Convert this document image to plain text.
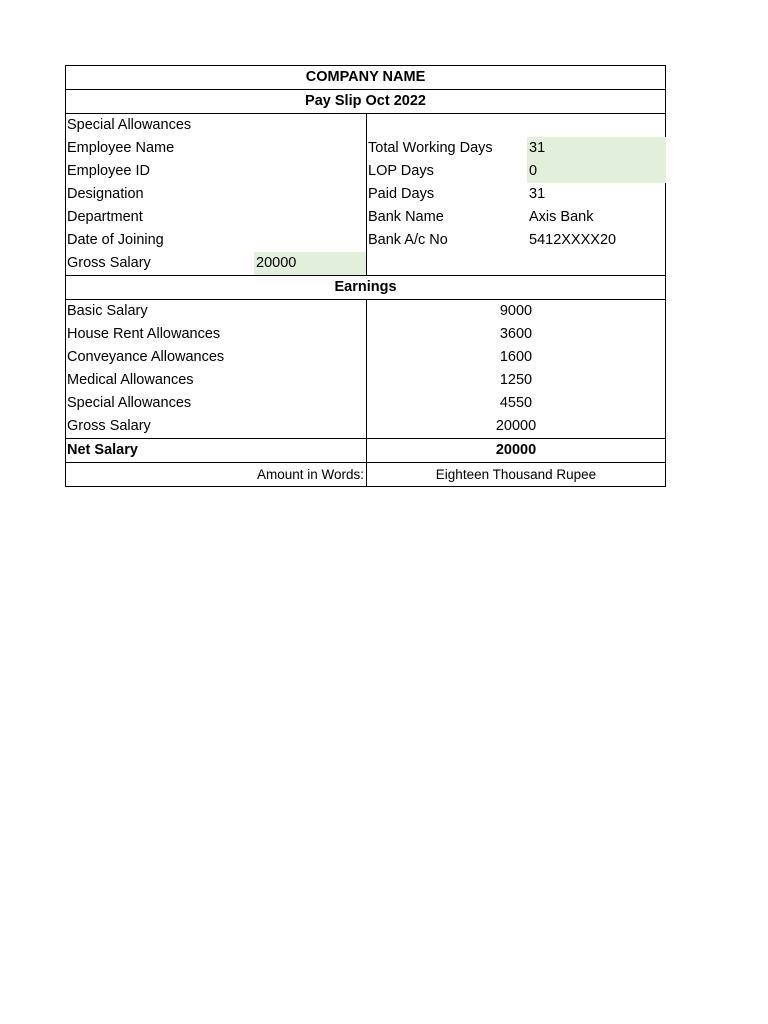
COMPANY NAME
Pay Slip Oct 2022
Special Allowances
Employee Name	Total Working Days	31
Employee ID	LOP Days	0
Designation	Paid Days	31
Department	Bank Name	Axis Bank
Date of Joining	Bank A/c No	5412XXXX20
Gross Salary	20000
Earnings
Basic Salary	9000
House Rent Allowances	3600
Conveyance Allowances	1600
Medical Allowances	1250
Special Allowances	4550
Gross Salary	20000
Net Salary	20000
Amount in Words:	Eighteen Thousand Rupee
